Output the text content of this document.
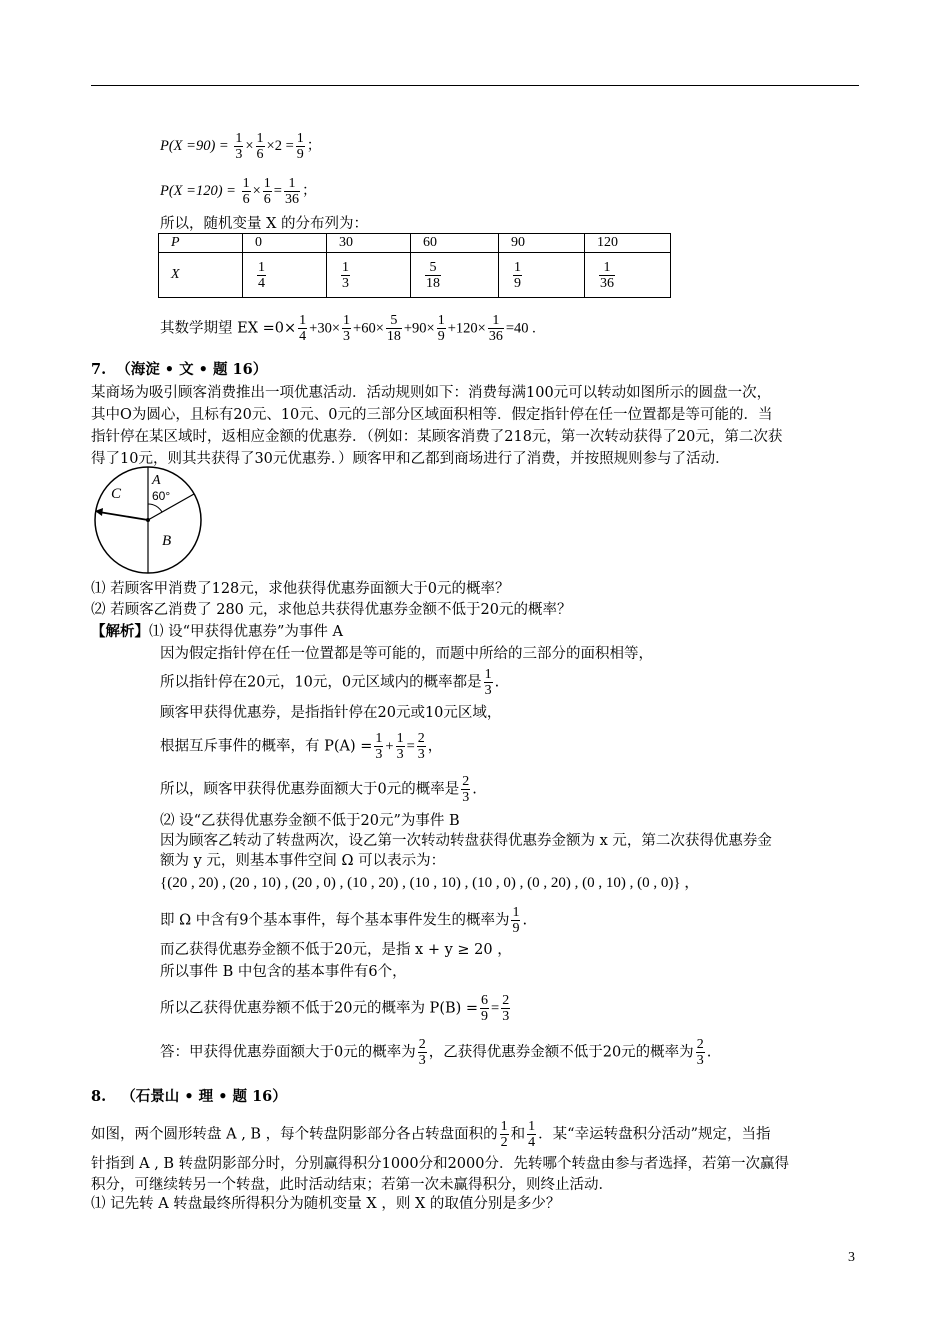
$P(X =90) = \frac{1}{3} \times \frac{1}{6} \times 2 = \frac{1}{9}$ ；
$P(X =120) = \frac{1}{6} \times \frac{1}{6} = \frac{1}{36}$ ；
所以，随机变量 X 的分布列为：
P	0	30	60	90	120
X	$\frac{1}{4}$	$\frac{1}{3}$	$\frac{5}{18}$	$\frac{1}{9}$	$\frac{1}{36}$
其数学期望 EX $=0\times \frac{1}{4} +30\times \frac{1}{3} +60\times \frac{5}{18} +90\times \frac{1}{9} +120\times \frac{1}{36} =40$ .
7. （海淀 • 文 • 题 16）
某商场为吸引顾客消费推出一项优惠活动．活动规则如下：消费每满100元可以转动如图所示的圆盘一次，
其中O为圆心，且标有20元、10元、0元的三部分区域面积相等．假定指针停在任一位置都是等可能的．当
指针停在某区域时，返相应金额的优惠券．（例如：某顾客消费了218元，第一次转动获得了20元，第二次获
得了10元，则其共获得了30元优惠券．）顾客甲和乙都到商场进行了消费，并按照规则参与了活动．
C
A
60°
B
⑴ 若顾客甲消费了128元，求他获得优惠券面额大于0元的概率？
⑵ 若顾客乙消费了 280 元，求他总共获得优惠券金额不低于20元的概率？
【解析】⑴ 设“甲获得优惠券”为事件 A
因为假定指针停在任一位置都是等可能的，而题中所给的三部分的面积相等，
所以指针停在20元，10元，0元区域内的概率都是 $\frac{1}{3}$ .
顾客甲获得优惠券，是指指针停在20元或10元区域，
根据互斥事件的概率，有 $P(A) = \frac{1}{3} + \frac{1}{3} = \frac{2}{3}$ ，
所以，顾客甲获得优惠券面额大于0元的概率是 $\frac{2}{3}$ .
⑵ 设“乙获得优惠券金额不低于20元”为事件 B
因为顾客乙转动了转盘两次，设乙第一次转动转盘获得优惠券金额为 x 元，第二次获得优惠券金
额为 y 元，则基本事件空间 Ω 可以表示为：
{(20 , 20) , (20 , 10) , (20 , 0) , (10 , 20) , (10 , 10) , (10 , 0) , (0 , 20) , (0 , 10) , (0 , 0)} ，
即 Ω 中含有9个基本事件，每个基本事件发生的概率为 $\frac{1}{9}$ .
而乙获得优惠券金额不低于20元，是指 x + y ≥ 20 ，
所以事件 B 中包含的基本事件有6个，
所以乙获得优惠券额不低于20元的概率为 $P(B) = \frac{6}{9} = \frac{2}{3}$
答：甲获得优惠券面额大于0元的概率为 $\frac{2}{3}$ ，乙获得优惠券金额不低于20元的概率为 $\frac{2}{3}$ .
8. （石景山 • 理 • 题 16）
如图，两个圆形转盘 A , B ，每个转盘阴影部分各占转盘面积的 $\frac{1}{2}$ 和 $\frac{1}{4}$ ．某“幸运转盘积分活动”规定，当指
针指到 A , B 转盘阴影部分时，分别赢得积分1000分和2000分．先转哪个转盘由参与者选择，若第一次赢得
积分，可继续转另一个转盘，此时活动结束；若第一次未赢得积分，则终止活动．
⑴ 记先转 A 转盘最终所得积分为随机变量 X ，则 X 的取值分别是多少？
3
